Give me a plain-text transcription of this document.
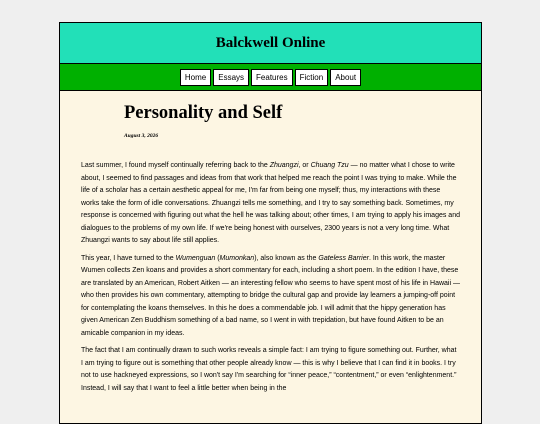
Balckwell Online
Home	Essays	Features	Fiction	About
Personality and Self
August 3, 2026

Last summer, I found myself continually referring back to the Zhuangzi, or Chuang Tzu — no matter what I chose to write about, I seemed to find passages and ideas from that work that helped me reach the point I was trying to make. While the life of a scholar has a certain aesthetic appeal for me, I'm far from being one myself; thus, my interactions with these works take the form of idle conversations. Zhuangzi tells me something, and I try to say something back. Sometimes, my response is concerned with figuring out what the hell he was talking about; other times, I am trying to apply his images and dialogues to the problems of my own life. If we're being honest with ourselves, 2300 years is not a very long time. What Zhuangzi wants to say about life still applies.

This year, I have turned to the Wumenguan (Mumonkan), also known as the Gateless Barrier. In this work, the master Wumen collects Zen koans and provides a short commentary for each, including a short poem. In the edition I have, these are translated by an American, Robert Aitken — an interesting fellow who seems to have spent most of his life in Hawaii — who then provides his own commentary, attempting to bridge the cultural gap and provide lay learners a jumping-off point for contemplating the koans themselves. In this he does a commendable job. I will admit that the hippy generation has given American Zen Buddhism something of a bad name, so I went in with trepidation, but have found Aitken to be an amicable companion in my ideas.

The fact that I am continually drawn to such works reveals a simple fact: I am trying to figure something out. Further, what I am trying to figure out is something that other people already know — this is why I believe that I can find it in books. I try not to use hackneyed expressions, so I won't say I'm searching for “inner peace,” “contentment,” or even “enlightenment.” Instead, I will say that I want to feel a little better when being in the
